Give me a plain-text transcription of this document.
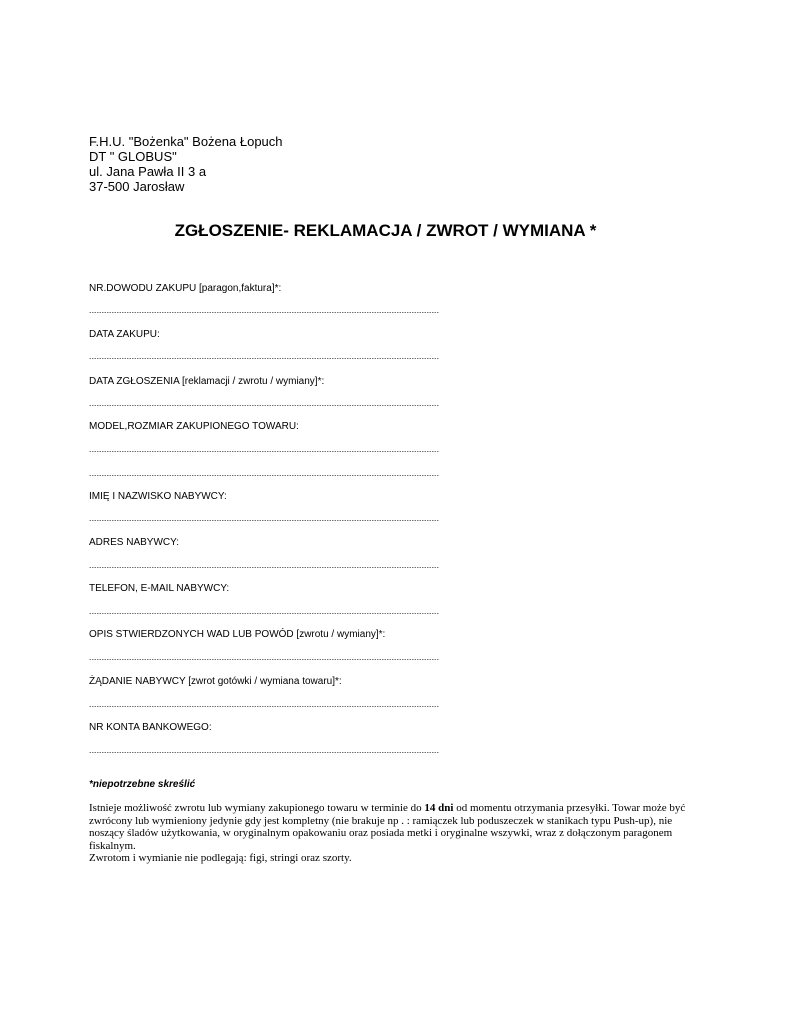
F.H.U. "Bożenka" Bożena Łopuch
DT " GLOBUS"
ul. Jana Pawła II 3 a
37-500 Jarosław
ZGŁOSZENIE- REKLAMACJA / ZWROT / WYMIANA *
NR.DOWODU ZAKUPU [paragon,faktura]*:
DATA ZAKUPU:
DATA ZGŁOSZENIA [reklamacji / zwrotu / wymiany]*:
MODEL,ROZMIAR ZAKUPIONEGO TOWARU:
IMIĘ I NAZWISKO NABYWCY:
ADRES NABYWCY:
TELEFON, E-MAIL NABYWCY:
OPIS STWIERDZONYCH WAD LUB POWÓD [zwrotu / wymiany]*:
ŻĄDANIE NABYWCY [zwrot gotówki / wymiana towaru]*:
NR KONTA BANKOWEGO:
*niepotrzebne skreślić

Istnieje możliwość zwrotu lub wymiany zakupionego towaru w terminie do 14 dni od momentu otrzymania przesyłki. Towar może być zwrócony lub wymieniony jedynie gdy jest kompletny (nie brakuje np . : ramiączek lub poduszeczek w stanikach typu Push-up), nie noszący śladów użytkowania, w oryginalnym opakowaniu oraz posiada metki i oryginalne wszywki, wraz z dołączonym paragonem fiskalnym.

Zwrotom i wymianie nie podlegają: figi, stringi oraz szorty.
